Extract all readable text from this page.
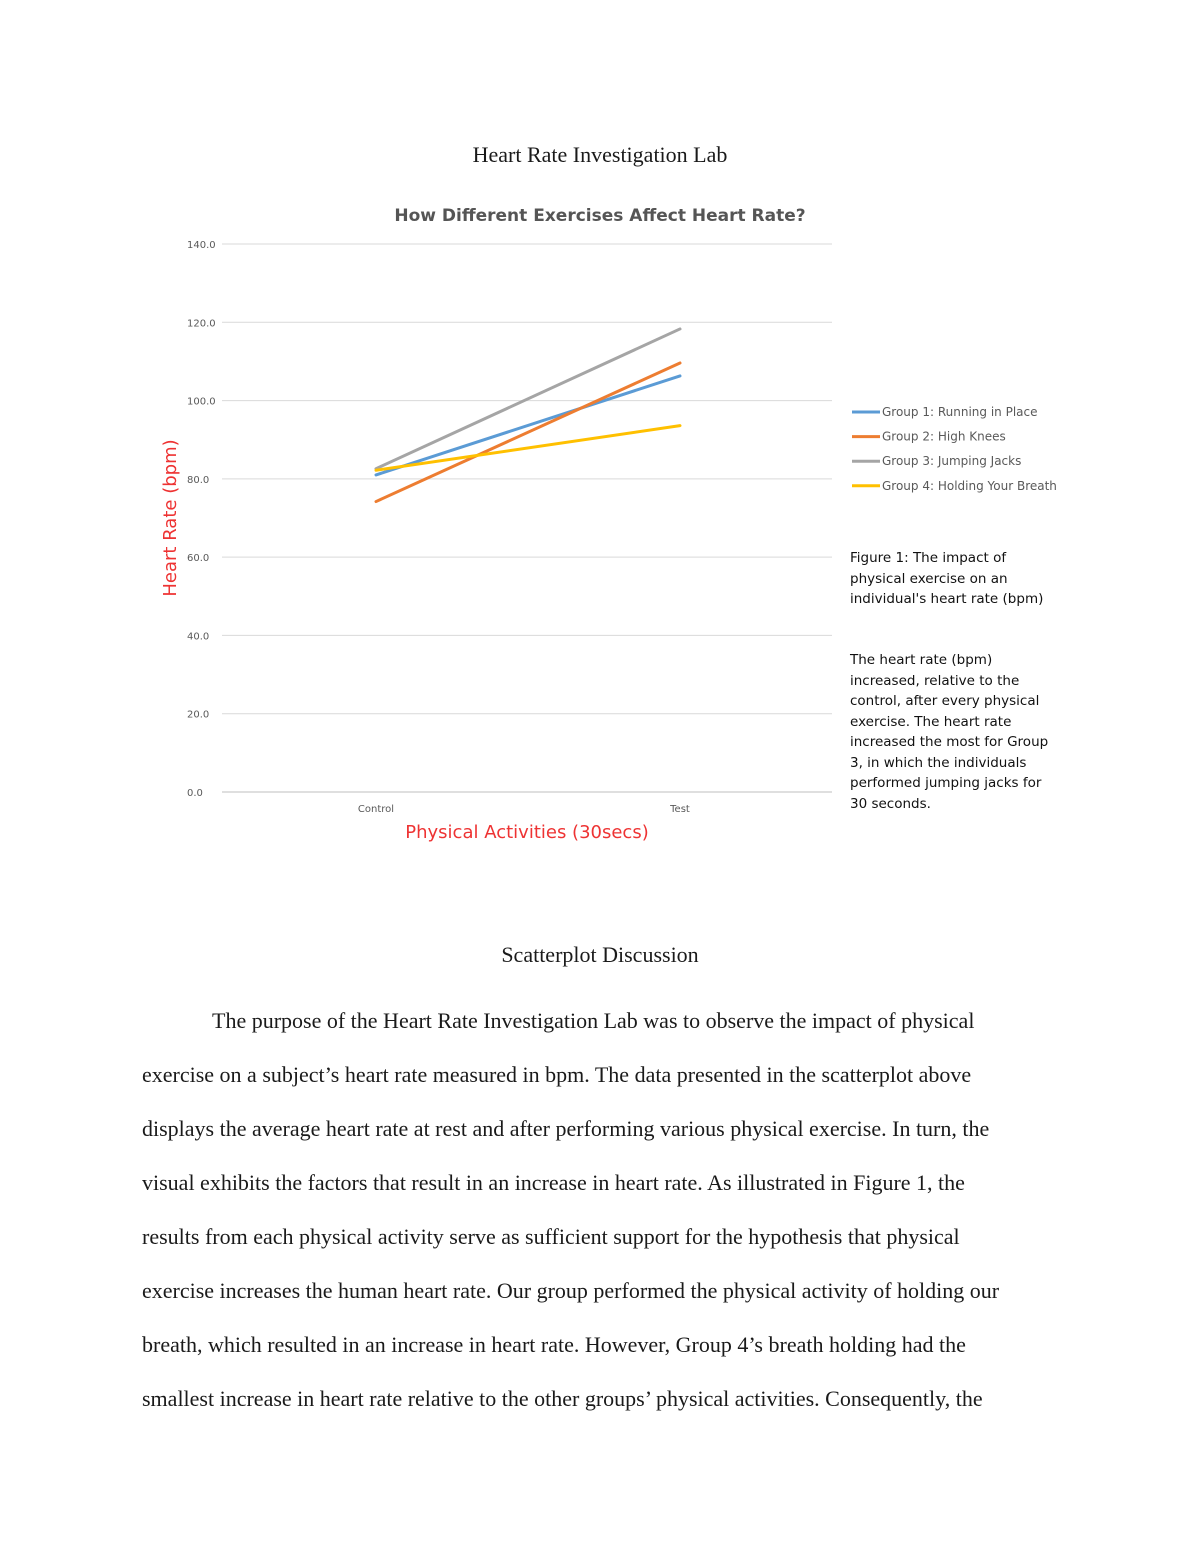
Heart Rate Investigation Lab
How Different Exercises Affect Heart Rate?
0.0
20.0
40.0
60.0
80.0
100.0
120.0
140.0
Control	Test
Group 1: Running in Place
Group 2: High Knees
Group 3: Jumping Jacks
Group 4: Holding Your Breath
Physical Activities (30secs)
Heart Rate (bpm)	Figure 1: The impact of physical exercise on an individual's heart rate (bpm)
The heart rate (bpm) increased, relative to the control, after every physical exercise. The heart rate increased the most for Group 3, in which the individuals performed jumping jacks for 30 seconds.
Scatterplot Discussion
The purpose of the Heart Rate Investigation Lab was to observe the impact of physical
exercise on a subject’s heart rate measured in bpm. The data presented in the scatterplot above
displays the average heart rate at rest and after performing various physical exercise. In turn, the
visual exhibits the factors that result in an increase in heart rate. As illustrated in Figure 1, the
results from each physical activity serve as sufficient support for the hypothesis that physical
exercise increases the human heart rate. Our group performed the physical activity of holding our
breath, which resulted in an increase in heart rate. However, Group 4’s breath holding had the
smallest increase in heart rate relative to the other groups’ physical activities. Consequently, the
